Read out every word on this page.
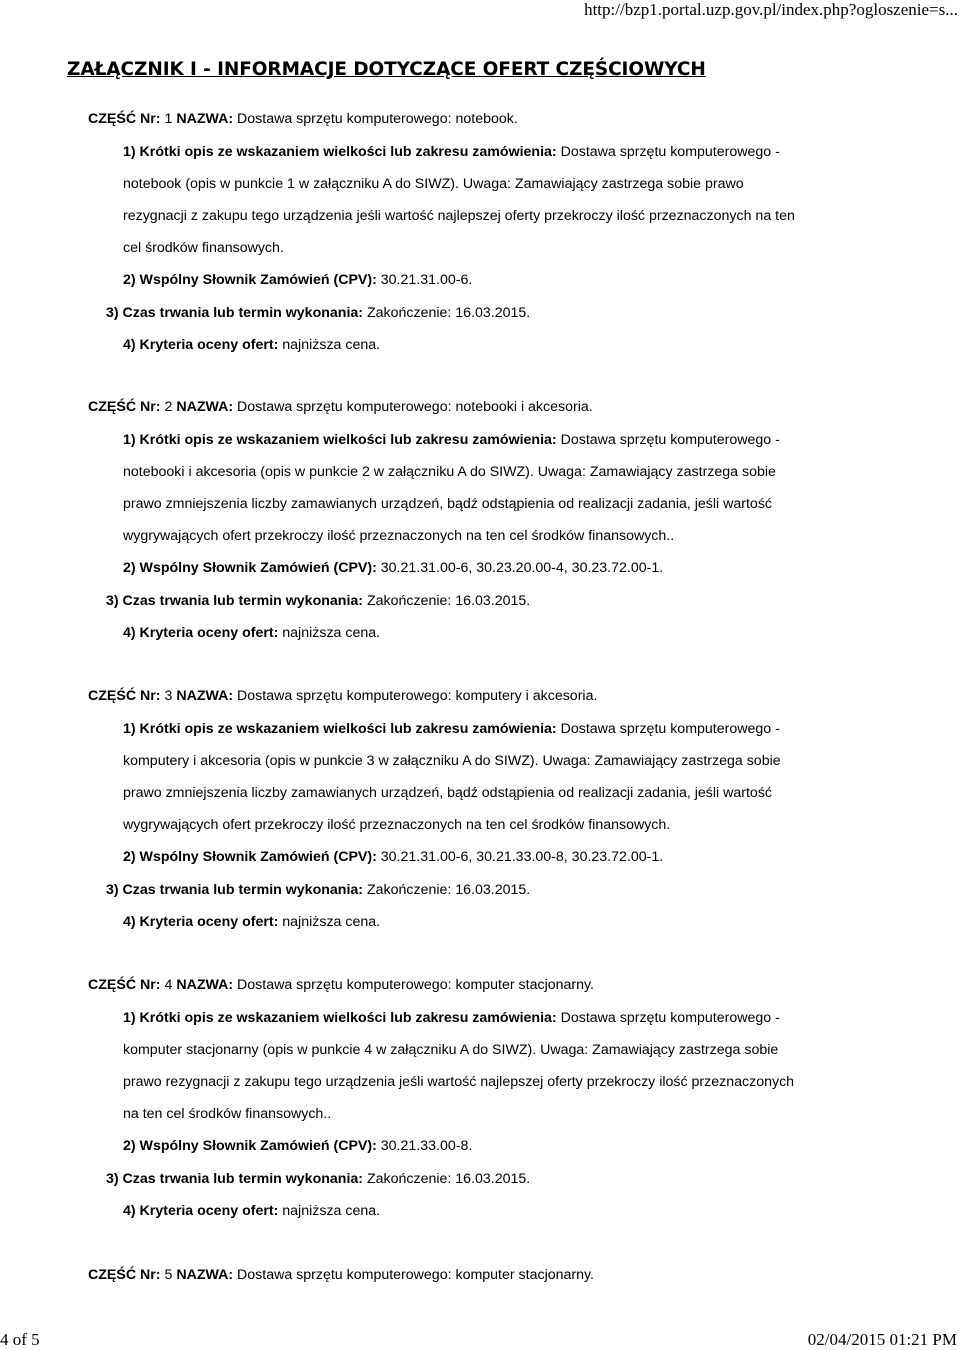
http://bzp1.portal.uzp.gov.pl/index.php?ogloszenie=s...
ZAŁĄCZNIK I - INFORMACJE DOTYCZĄCE OFERT CZĘŚCIOWYCH
CZĘŚĆ Nr: 1 NAZWA: Dostawa sprzętu komputerowego: notebook.
1) Krótki opis ze wskazaniem wielkości lub zakresu zamówienia: Dostawa sprzętu komputerowego -
notebook (opis w punkcie 1 w załączniku A do SIWZ). Uwaga: Zamawiający zastrzega sobie prawo
rezygnacji z zakupu tego urządzenia jeśli wartość najlepszej oferty przekroczy ilość przeznaczonych na ten
cel środków finansowych.
2) Wspólny Słownik Zamówień (CPV): 30.21.31.00-6.
3) Czas trwania lub termin wykonania: Zakończenie: 16.03.2015.
4) Kryteria oceny ofert: najniższa cena.
CZĘŚĆ Nr: 2 NAZWA: Dostawa sprzętu komputerowego: notebooki i akcesoria.
1) Krótki opis ze wskazaniem wielkości lub zakresu zamówienia: Dostawa sprzętu komputerowego -
notebooki i akcesoria (opis w punkcie 2 w załączniku A do SIWZ). Uwaga: Zamawiający zastrzega sobie
prawo zmniejszenia liczby zamawianych urządzeń, bądź odstąpienia od realizacji zadania, jeśli wartość
wygrywających ofert przekroczy ilość przeznaczonych na ten cel środków finansowych..
2) Wspólny Słownik Zamówień (CPV): 30.21.31.00-6, 30.23.20.00-4, 30.23.72.00-1.
3) Czas trwania lub termin wykonania: Zakończenie: 16.03.2015.
4) Kryteria oceny ofert: najniższa cena.
CZĘŚĆ Nr: 3 NAZWA: Dostawa sprzętu komputerowego: komputery i akcesoria.
1) Krótki opis ze wskazaniem wielkości lub zakresu zamówienia: Dostawa sprzętu komputerowego -
komputery i akcesoria (opis w punkcie 3 w załączniku A do SIWZ). Uwaga: Zamawiający zastrzega sobie
prawo zmniejszenia liczby zamawianych urządzeń, bądź odstąpienia od realizacji zadania, jeśli wartość
wygrywających ofert przekroczy ilość przeznaczonych na ten cel środków finansowych.
2) Wspólny Słownik Zamówień (CPV): 30.21.31.00-6, 30.21.33.00-8, 30.23.72.00-1.
3) Czas trwania lub termin wykonania: Zakończenie: 16.03.2015.
4) Kryteria oceny ofert: najniższa cena.
CZĘŚĆ Nr: 4 NAZWA: Dostawa sprzętu komputerowego: komputer stacjonarny.
1) Krótki opis ze wskazaniem wielkości lub zakresu zamówienia: Dostawa sprzętu komputerowego -
komputer stacjonarny (opis w punkcie 4 w załączniku A do SIWZ). Uwaga: Zamawiający zastrzega sobie
prawo rezygnacji z zakupu tego urządzenia jeśli wartość najlepszej oferty przekroczy ilość przeznaczonych
na ten cel środków finansowych..
2) Wspólny Słownik Zamówień (CPV): 30.21.33.00-8.
3) Czas trwania lub termin wykonania: Zakończenie: 16.03.2015.
4) Kryteria oceny ofert: najniższa cena.
CZĘŚĆ Nr: 5 NAZWA: Dostawa sprzętu komputerowego: komputer stacjonarny.
4 of 5	02/04/2015 01:21 PM
